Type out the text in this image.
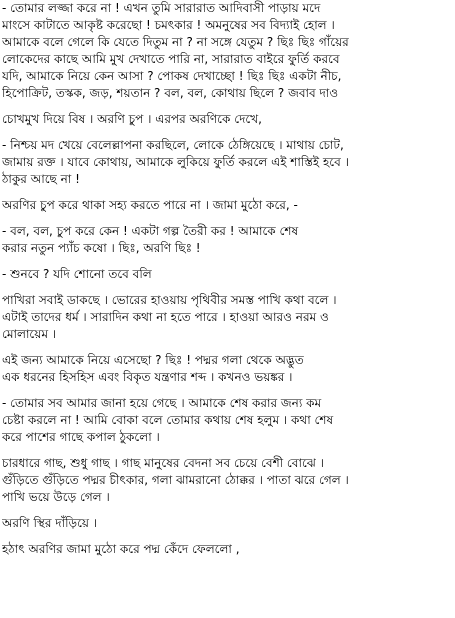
- তোমার লজ্জা করে না ! এখন তুমি সারারাত আদিবাসী পাড়ায় মদে
মাংসে কাটাতে আকৃষ্ট করেছো ! চমৎকার ! অমনুষের সব বিদ্যাই হোল ।
আমাকে বলে গেলে কি যেতে দিতুম না ? না সঙ্গে যেতুম ? ছিঃ ছিঃ গাঁয়ের
লোকেদের কাছে আমি মুখ দেখাতে পারি না, সারারাত বাইরে ফুর্তি করবে
যদি, আমাকে নিয়ে কেন আসা ? পোকষ দেখাচ্ছো ! ছিঃ ছিঃ একটা নীচ,
হিপোক্রিট, তস্কক, জড়, শয়তান ? বল, বল, কোথায় ছিলে ? জবাব দাও
চোখমুখ দিয়ে বিষ । অরণি চুপ । এরপর অরণিকে দেখে,
- নিশ্চয় মদ খেয়ে বেলেল্লাপনা করছিলে, লোকে ঠেঙ্গিয়েছে । মাথায় চোট,
জামায় রক্ত । যাবে কোথায়, আমাকে লুকিয়ে ফুর্তি করলে এই শাস্তিই হবে ।
ঠাকুর আছে না !
অরণির চুপ করে থাকা সহ্য করতে পারে না । জামা মুঠো করে, -
- বল, বল, চুপ করে কেন ! একটা গল্প তৈরী কর ! আমাকে শেষ
করার নতুন প্যাঁচ কষো । ছিঃ, অরণি ছিঃ !
- শুনবে ? যদি শোনো তবে বলি
পাখিরা সবাই ডাকছে । ভোরের হাওয়ায় পৃথিবীর সমস্ত পাখি কথা বলে ।
এটাই তাদের ধর্ম । সারাদিন কথা না হতে পারে । হাওয়া আরও নরম ও
মোলায়েম ।
এই জন্য আমাকে নিয়ে এসেছো ? ছিঃ ! পদ্মর গলা থেকে অদ্ভুত
এক ধরনের হিসহিস এবং বিকৃত যন্ত্রণার শব্দ । কখনও ভয়ঙ্কর ।
- তোমার সব আমার জানা হয়ে গেছে । আমাকে শেষ করার জন্য কম
চেষ্টা করলে না ! আমি বোকা বলে তোমার কথায় শেষ হলুম । কথা শেষ
করে পাশের গাছে কপাল ঠুকলো ।
চারধারে গাছ, শুধু গাছ । গাছ মানুষের বেদনা সব চেয়ে বেশী বোঝে ।
গুঁড়িতে গুঁড়িতে পদ্মর চীৎকার, গলা ঝামরানো ঠোক্কর । পাতা ঝরে গেল ।
পাখি ভয়ে উড়ে গেল ।
অরণি স্থির দাঁড়িয়ে ।
হঠাৎ অরণির জামা মুঠো করে পদ্ম কেঁদে ফেললো ,
